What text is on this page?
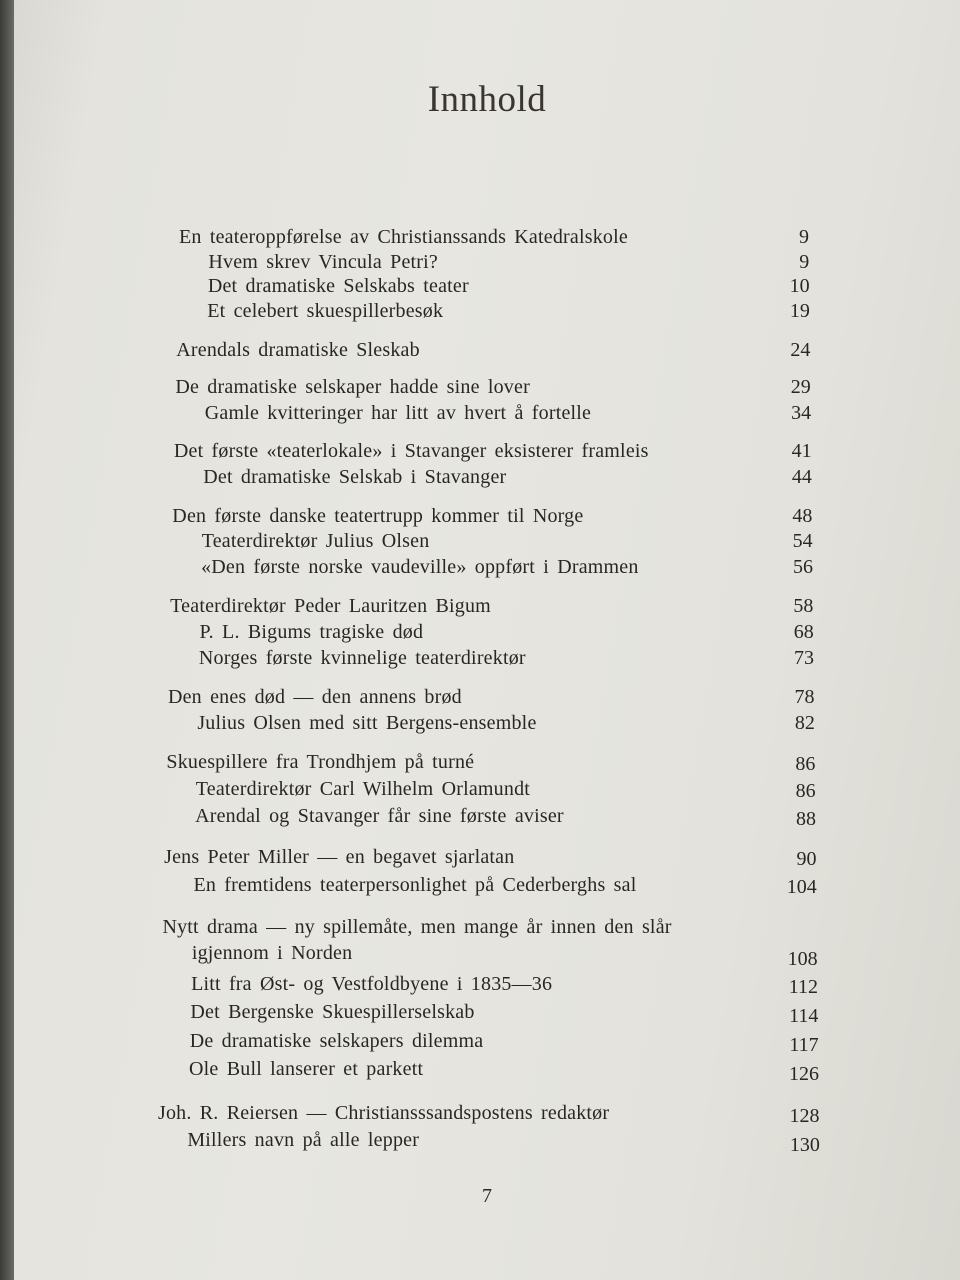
Innhold
En teateroppførelse av Christianssands Katedralskole	9
Hvem skrev Vincula Petri?	9
Det dramatiske Selskabs teater	10
Et celebert skuespillerbesøk	19
Arendals dramatiske Sleskab	24
De dramatiske selskaper hadde sine lover	29
Gamle kvitteringer har litt av hvert å fortelle	34
Det første «teaterlokale» i Stavanger eksisterer framleis	41
Det dramatiske Selskab i Stavanger	44
Den første danske teatertrupp kommer til Norge	48
Teaterdirektør Julius Olsen	54
«Den første norske vaudeville» oppført i Drammen	56
Teaterdirektør Peder Lauritzen Bigum	58
P. L. Bigums tragiske død	68
Norges første kvinnelige teaterdirektør	73
Den enes død — den annens brød	78
Julius Olsen med sitt Bergens-ensemble	82
Skuespillere fra Trondhjem på turné	86
Teaterdirektør Carl Wilhelm Orlamundt	86
Arendal og Stavanger får sine første aviser	88
Jens Peter Miller — en begavet sjarlatan	90
En fremtidens teaterpersonlighet på Cederberghs sal	104
Nytt drama — ny spillemåte, men mange år innen den slår
igjennom i Norden	108
Litt fra Øst- og Vestfoldbyene i 1835—36	112
Det Bergenske Skuespillerselskab	114
De dramatiske selskapers dilemma	117
Ole Bull lanserer et parkett	126
Joh. R. Reiersen — Christiansssandspostens redaktør	128
Millers navn på alle lepper	130
7
